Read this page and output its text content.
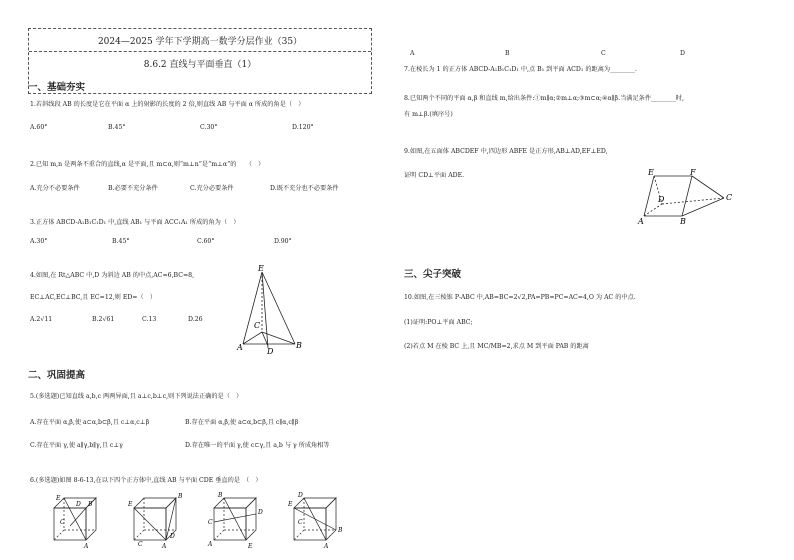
2024—2025 学年下学期高一数学分层作业（35）
8.6.2 直线与平面垂直（1）
一、基础夯实
1.若斜线段 AB 的长度是它在平面 α 上的射影的长度的 2 倍,则直线 AB 与平面 α 所成的角是（　）
A.60°	B.45°	C.30°	D.120°
2.已知 m,n 是两条不重合的直线,α 是平面,且 m⊂α,则“m⊥n”是“m⊥α”的　　（　）
A.充分不必要条件	B.必要不充分条件	C.充分必要条件	D.既不充分也不必要条件
3.正方体 ABCD-A₁B₁C₁D₁ 中,直线 AB₁ 与平面 ACC₁A₁ 所成的角为（　）
A.30°	B.45°	C.60°	D.90°
4.如图,在 Rt△ABC 中,D 为斜边 AB 的中点,AC=6,BC=8,
EC⊥AC,EC⊥BC,且 EC=12,则 ED=（　）
A.2√11	B.2√61	C.13	D.26
E
C
A	D
B
二、巩固提高
5.(多选题)已知直线 a,b,c 两两异面,且 a⊥c,b⊥c,则下列说法正确的是（　）
A.存在平面 α,β,使 a⊂α,b⊂β,且 c⊥α,c⊥β	B.存在平面 α,β,使 a⊂α,b⊂β,且 c∥α,c∥β
C.存在平面 γ,使 a∥γ,b∥γ,且 c⊥γ	D.存在唯一的平面 γ,使 c⊂γ,且 a,b 与 γ 所成角相等
6.(多选题)如图 8-6-13,在以下四个正方体中,直线 AB 与平面 CDE 垂直的是　（　）
E
D B
C
A
B
E
C	A
D
B
D
C
E
A
D
E
B
C
A
A	B	C	D
7.在棱长为 1 的正方体 ABCD-A₁B₁C₁D₁ 中,点 B₁ 到平面 ACD₁ 的距离为________.
8.已知两个不同的平面 α,β 和直线 m,给出条件:①m∥α;②m⊥α;③m⊂α;④α∥β.当满足条件________时,
有 m⊥β.(填序号)
9.如图,在五面体 ABCDEF 中,四边形 ABFE 是正方形,AB⊥AD,EF⊥ED,
证明 CD⊥平面 ADE.	E	F
D	C
A	B
三、尖子突破
10.如图,在三棱锥 P-ABC 中,AB=BC=2√2,PA=PB=PC=AC=4,O 为 AC 的中点.
(1)证明:PO⊥平面 ABC;
(2)若点 M 在棱 BC 上,且 MC/MB=2,求点 M 到平面 PAB 的距离
